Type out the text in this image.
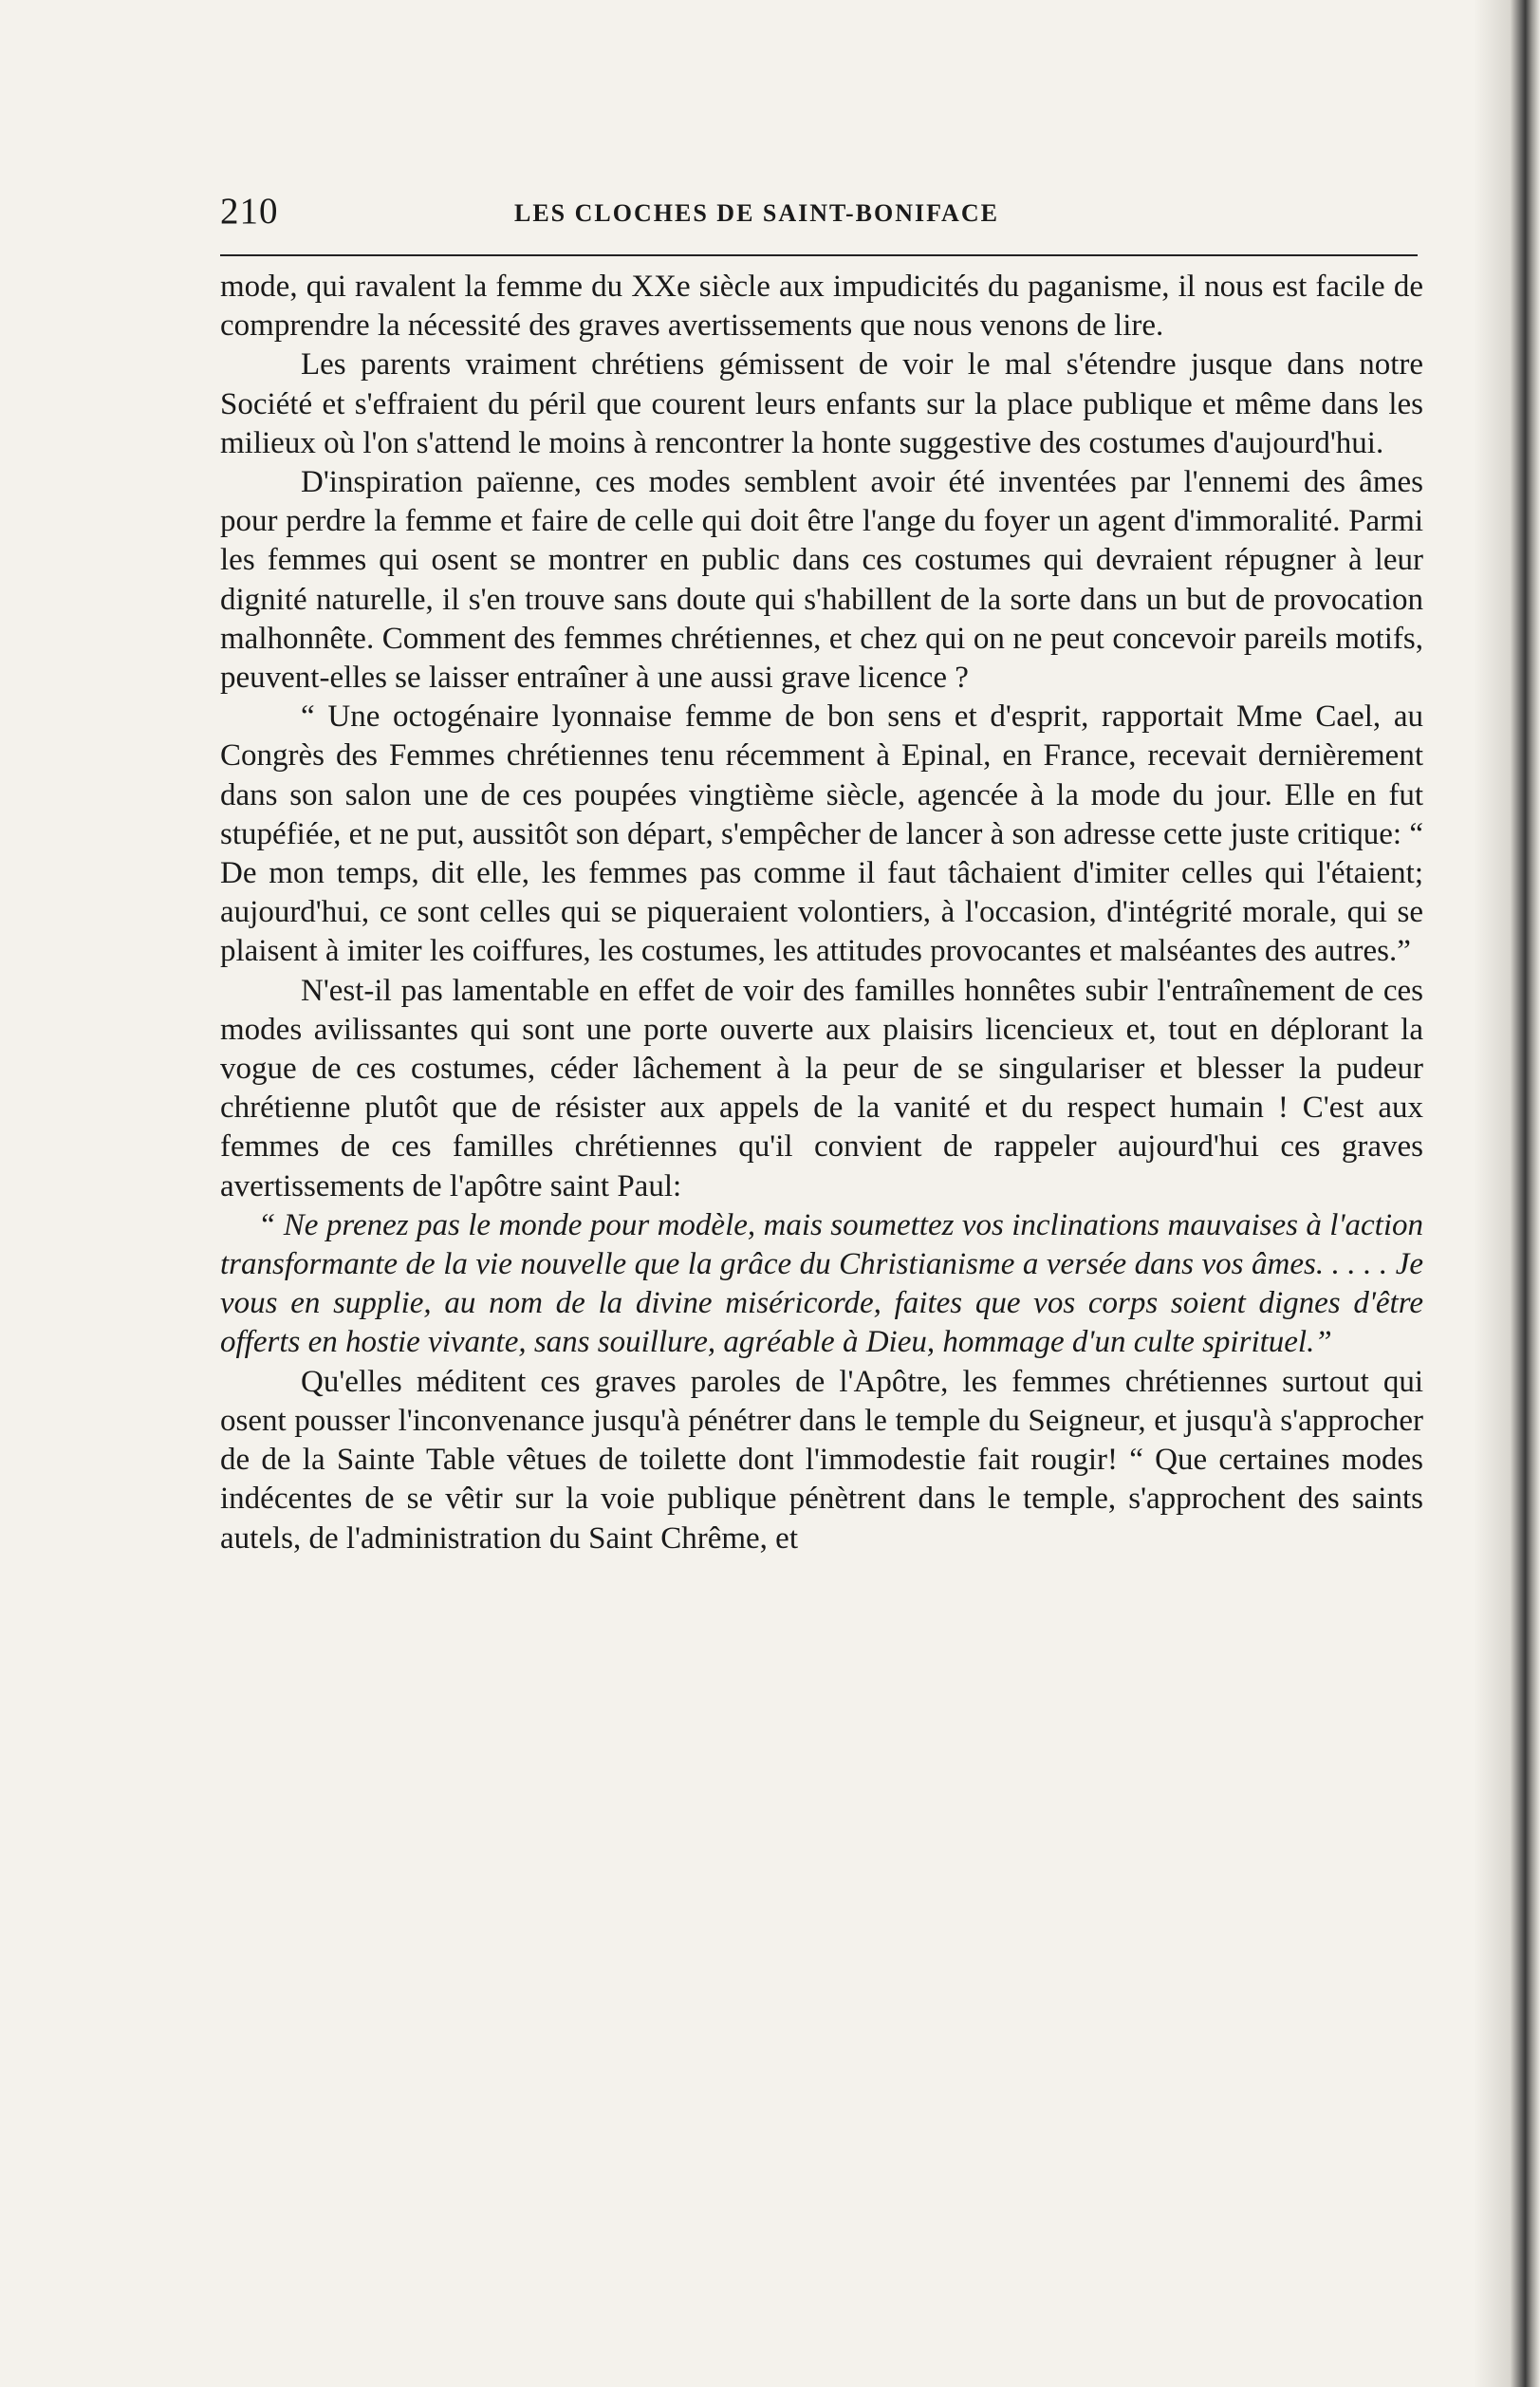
210	LES CLOCHES DE SAINT-BONIFACE

mode, qui ravalent la femme du XXe siècle aux impudicités du paganisme, il nous est facile de comprendre la nécessité des graves avertissements que nous venons de lire.

Les parents vraiment chrétiens gémissent de voir le mal s'étendre jusque dans notre Société et s'effraient du péril que courent leurs enfants sur la place publique et même dans les milieux où l'on s'attend le moins à rencontrer la honte suggestive des costumes d'aujourd'hui.

D'inspiration païenne, ces modes semblent avoir été inventées par l'ennemi des âmes pour perdre la femme et faire de celle qui doit être l'ange du foyer un agent d'immoralité. Parmi les femmes qui osent se montrer en public dans ces costumes qui devraient répugner à leur dignité naturelle, il s'en trouve sans doute qui s'habillent de la sorte dans un but de provocation malhonnête. Comment des femmes chrétiennes, et chez qui on ne peut concevoir pareils motifs, peuvent-elles se laisser entraîner à une aussi grave licence ?

“ Une octogénaire lyonnaise femme de bon sens et d'esprit, rapportait Mme Cael, au Congrès des Femmes chrétiennes tenu récemment à Epinal, en France, recevait dernièrement dans son salon une de ces poupées vingtième siècle, agencée à la mode du jour. Elle en fut stupéfiée, et ne put, aussitôt son départ, s'empêcher de lancer à son adresse cette juste critique: “ De mon temps, dit elle, les femmes pas comme il faut tâchaient d'imiter celles qui l'étaient; aujourd'hui, ce sont celles qui se piqueraient volontiers, à l'occasion, d'intégrité morale, qui se plaisent à imiter les coiffures, les costumes, les attitudes provocantes et malséantes des autres.”

N'est-il pas lamentable en effet de voir des familles honnêtes subir l'entraînement de ces modes avilissantes qui sont une porte ouverte aux plaisirs licencieux et, tout en déplorant la vogue de ces costumes, céder lâchement à la peur de se singulariser et blesser la pudeur chrétienne plutôt que de résister aux appels de la vanité et du respect humain ! C'est aux femmes de ces familles chrétiennes qu'il convient de rappeler aujourd'hui ces graves avertissements de l'apôtre saint Paul:

“ Ne prenez pas le monde pour modèle, mais soumettez vos inclinations mauvaises à l'action transformante de la vie nouvelle que la grâce du Christianisme a versée dans vos âmes. . . . . Je vous en supplie, au nom de la divine miséricorde, faites que vos corps soient dignes d'être offerts en hostie vivante, sans souillure, agréable à Dieu, hommage d'un culte spirituel.”

Qu'elles méditent ces graves paroles de l'Apôtre, les femmes chrétiennes surtout qui osent pousser l'inconvenance jusqu'à pénétrer dans le temple du Seigneur, et jusqu'à s'approcher de de la Sainte Table vêtues de toilette dont l'immodestie fait rougir! “ Que certaines modes indécentes de se vêtir sur la voie publique pénètrent dans le temple, s'approchent des saints autels, de l'administration du Saint Chrême, et
